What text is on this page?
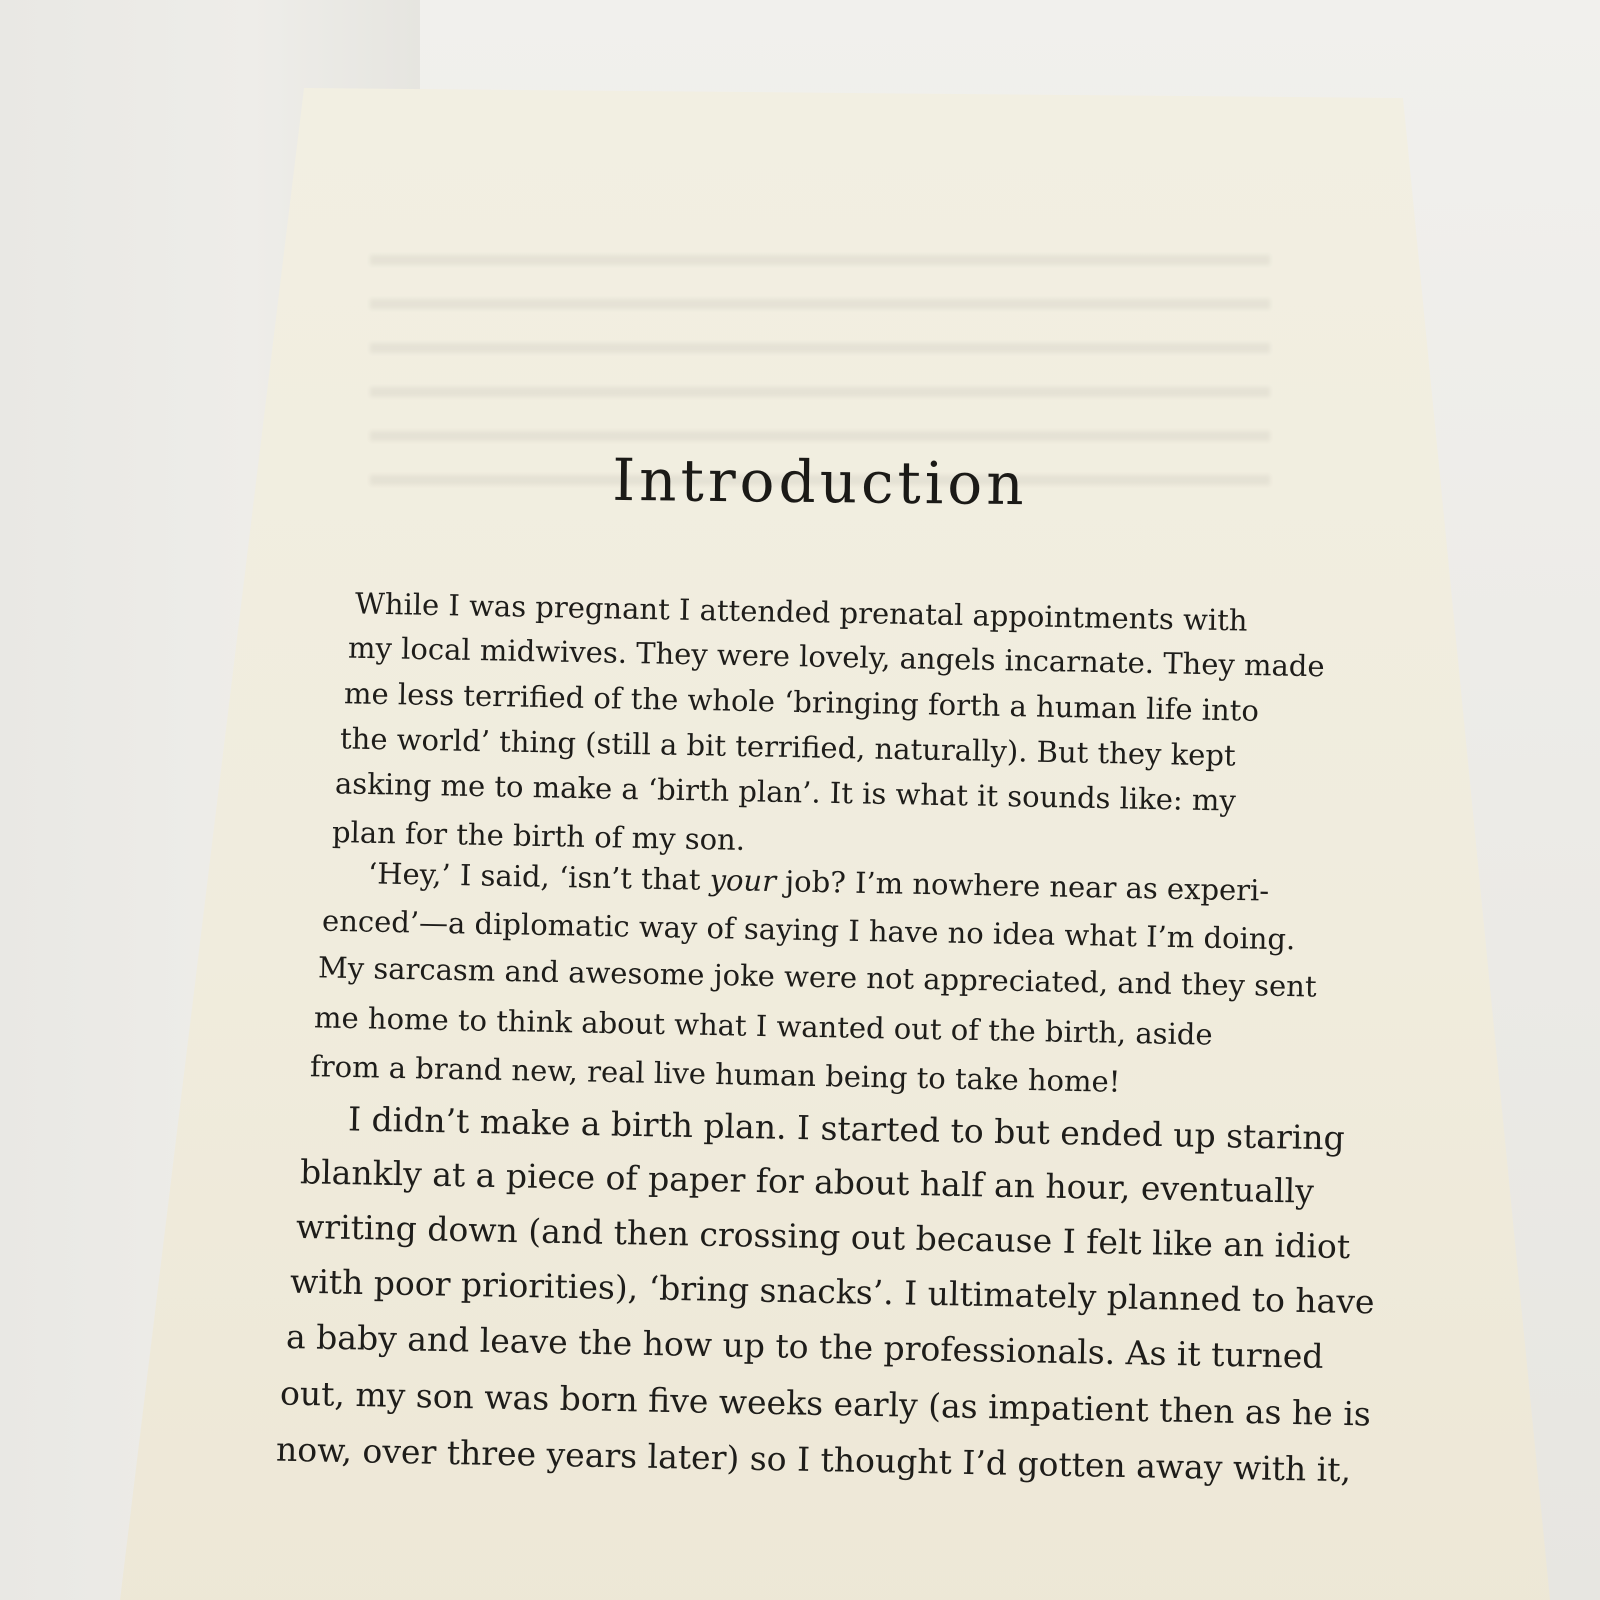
Introduction
While I was pregnant I attended prenatal appointments with
my local midwives. They were lovely, angels incarnate. They made
me less terrified of the whole ‘bringing forth a human life into
the world’ thing (still a bit terrified, naturally). But they kept
asking me to make a ‘birth plan’. It is what it sounds like: my
plan for the birth of my son.
‘Hey,’ I said, ‘isn’t that your job? I’m nowhere near as experi-
enced’—a diplomatic way of saying I have no idea what I’m doing.
My sarcasm and awesome joke were not appreciated, and they sent
me home to think about what I wanted out of the birth, aside
from a brand new, real live human being to take home!
I didn’t make a birth plan. I started to but ended up staring
blankly at a piece of paper for about half an hour, eventually
writing down (and then crossing out because I felt like an idiot
with poor priorities), ‘bring snacks’. I ultimately planned to have
a baby and leave the how up to the professionals. As it turned
out, my son was born five weeks early (as impatient then as he is
now, over three years later) so I thought I’d gotten away with it,
